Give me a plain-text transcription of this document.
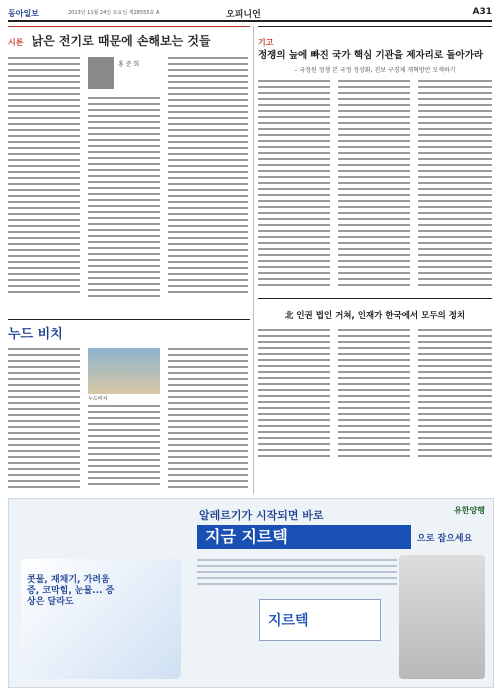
동아일보	2013년 11월 24일 토요일 제28555호 A	오피니언	A31
시론 낡은 전기로 때문에 손해보는 것들
홍 준 희
누드 비치
누드비치
기고
정쟁의 늪에 빠진 국가 핵심 기관을 제자리로 돌아가라
– 국정원 정쟁 본 국정 정상화, 진보 구경제 개혁방안 모색하기
北 인권 법인 거쳐, 인재가 한국에서 모두의 정치
유한양행
알레르기가 시작되면 바로
지금 지르텍	으로 잡으세요
콧물, 재채기, 가려움증, 코막힘, 눈물... 증상은 달라도
지르텍
